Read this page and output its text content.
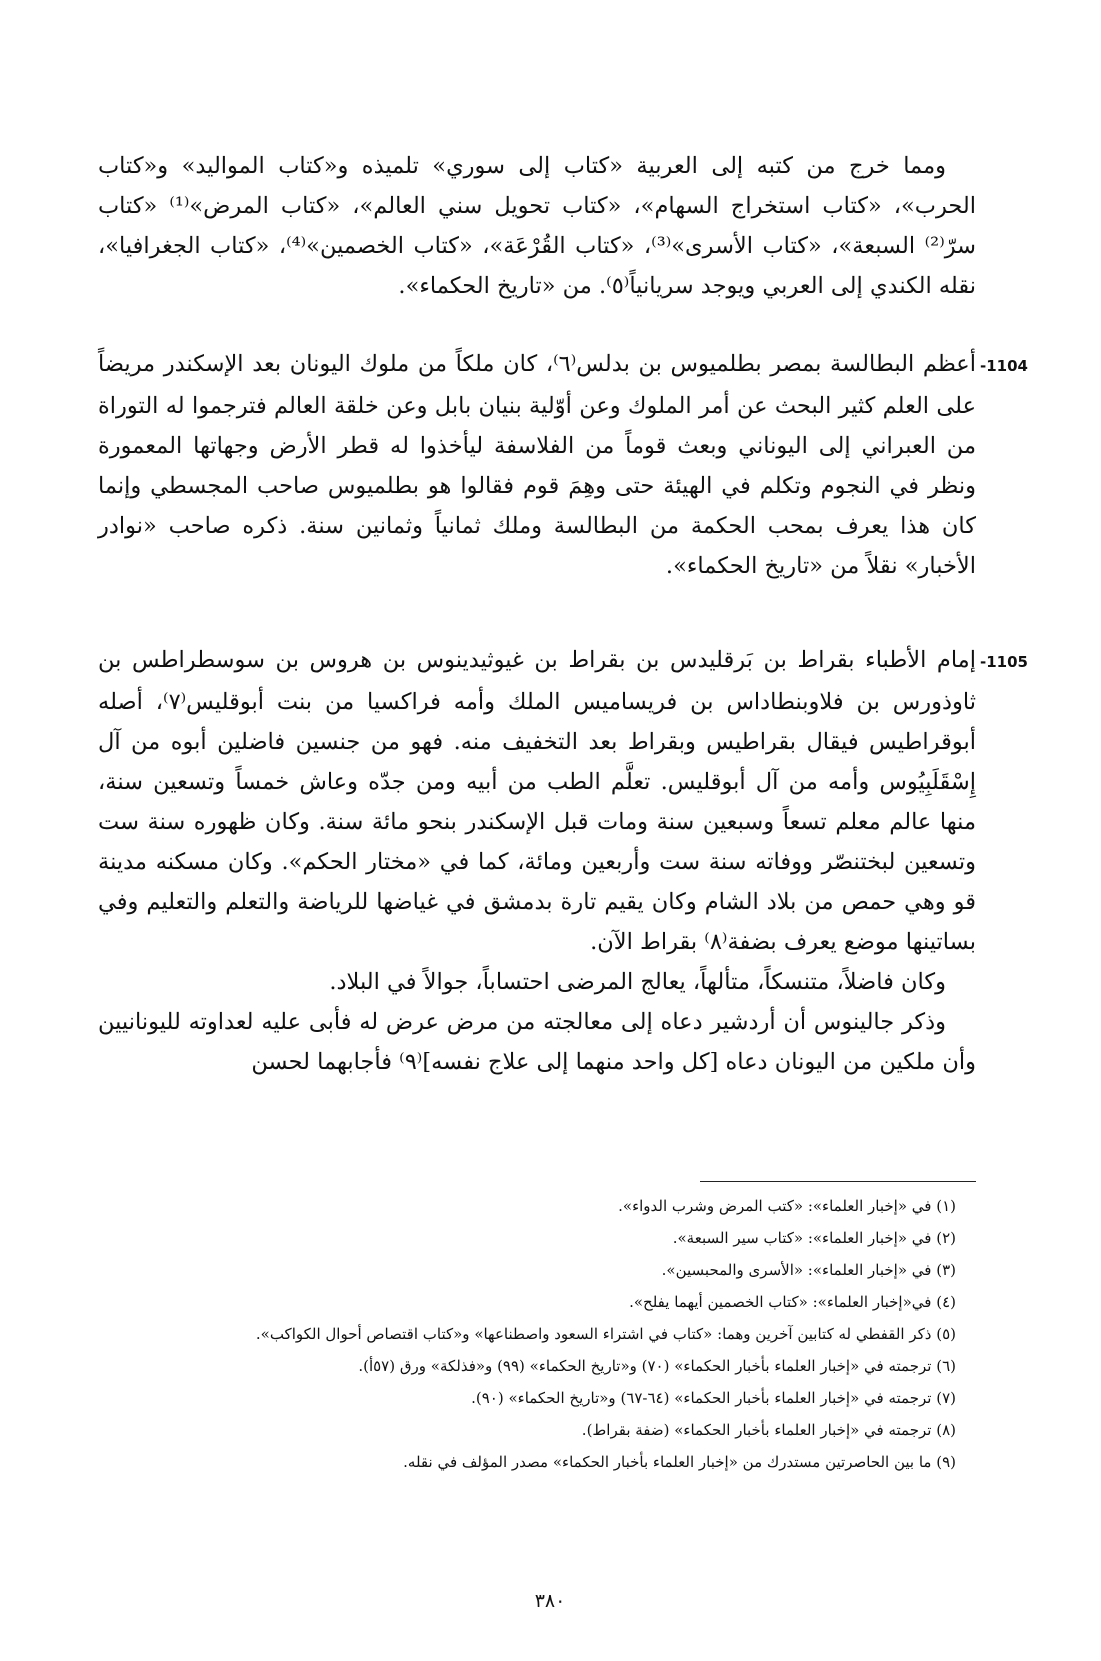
ومما خرج من كتبه إلى العربية «كتاب إلى سوري» تلميذه و«كتاب المواليد» و«كتاب الحرب»، «كتاب استخراج السهام»، «كتاب تحويل سني العالم»، «كتاب المرض»⁽¹⁾ «كتاب سرّ⁽²⁾ السبعة»، «كتاب الأسرى»⁽³⁾، «كتاب القُرْعَة»، «كتاب الخصمين»⁽⁴⁾، «كتاب الجغرافيا»، نقله الكندي إلى العربي ويوجد سريانياً⁽٥⁾. من «تاريخ الحكماء».

1104-أعظم البطالسة بمصر بطلميوس بن بدلس⁽٦⁾، كان ملكاً من ملوك اليونان بعد الإسكندر مريضاً على العلم كثير البحث عن أمر الملوك وعن أوّلية بنيان بابل وعن خلقة العالم فترجموا له التوراة من العبراني إلى اليوناني وبعث قوماً من الفلاسفة ليأخذوا له قطر الأرض وجهاتها المعمورة ونظر في النجوم وتكلم في الهيئة حتى وهِمَ قوم فقالوا هو بطلميوس صاحب المجسطي وإنما كان هذا يعرف بمحب الحكمة من البطالسة وملك ثمانياً وثمانين سنة. ذكره صاحب «نوادر الأخبار» نقلاً من «تاريخ الحكماء».

1105-إمام الأطباء بقراط بن بَرقليدس بن بقراط بن غيوثيدينوس بن هروس بن سوسطراطس بن ثاوذورس بن فلاوبنطاداس بن فريساميس الملك وأمه فراكسيا من بنت أبوقليس⁽٧⁾، أصله أبوقراطيس فيقال بقراطيس وبقراط بعد التخفيف منه. فهو من جنسين فاضلين أبوه من آل إِسْقَلَبِيُوس وأمه من آل أبوقليس. تعلَّم الطب من أبيه ومن جدّه وعاش خمساً وتسعين سنة، منها عالم معلم تسعاً وسبعين سنة ومات قبل الإسكندر بنحو مائة سنة. وكان ظهوره سنة ست وتسعين لبختنصّر ووفاته سنة ست وأربعين ومائة، كما في «مختار الحكم». وكان مسكنه مدينة قو وهي حمص من بلاد الشام وكان يقيم تارة بدمشق في غياضها للرياضة والتعلم والتعليم وفي بساتينها موضع يعرف بضفة⁽٨⁾ بقراط الآن.

وكان فاضلاً، متنسكاً، متألهاً، يعالج المرضى احتساباً، جوالاً في البلاد.

وذكر جالينوس أن أردشير دعاه إلى معالجته من مرض عرض له فأبى عليه لعداوته لليونانيين وأن ملكين من اليونان دعاه [كل واحد منهما إلى علاج نفسه]⁽٩⁾ فأجابهما لحسن

(١) في «إخبار العلماء»: «كتب المرض وشرب الدواء».
(٢) في «إخبار العلماء»: «كتاب سير السبعة».
(٣) في «إخبار العلماء»: «الأسرى والمحبسين».
(٤) في«إخبار العلماء»: «كتاب الخصمين أيهما يفلح».
(٥) ذكر القفطي له كتابين آخرين وهما: «كتاب في اشتراء السعود واصطناعها» و«كتاب اقتصاص أحوال الكواكب».
(٦) ترجمته في «إخبار العلماء بأخبار الحكماء» (٧٠) و«تاريخ الحكماء» (٩٩) و«فذلكة» ورق (٥٧أ).
(٧) ترجمته في «إخبار العلماء بأخبار الحكماء» (٦٤-٦٧) و«تاريخ الحكماء» (٩٠).
(٨) ترجمته في «إخبار العلماء بأخبار الحكماء» (ضفة بقراط).
(٩) ما بين الحاصرتين مستدرك من «إخبار العلماء بأخبار الحكماء» مصدر المؤلف في نقله.
٣٨٠
